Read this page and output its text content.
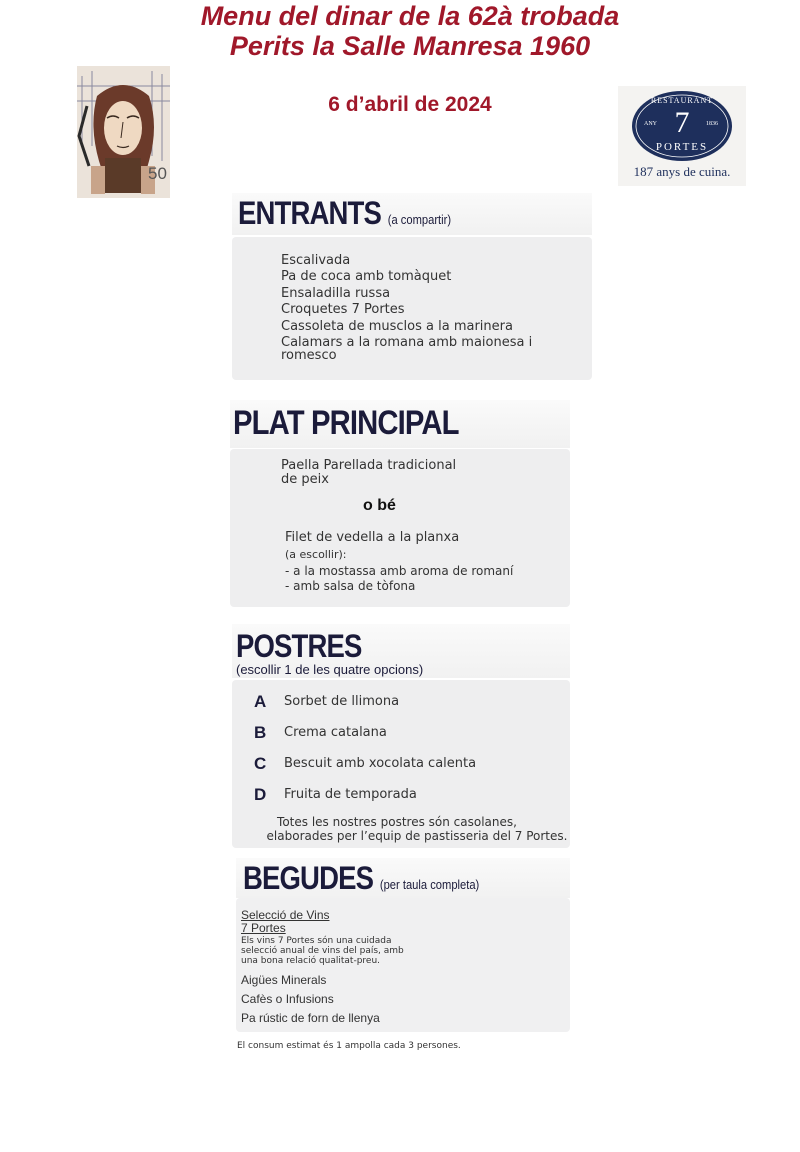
Menu del dinar de la 62à trobada
Perits la Salle Manresa 1960
6 d’abril de 2024
50
RESTAURANT
7
ANY	1836
PORTES
187 anys de cuina.
ENTRANTS (a compartir)
Escalivada
Pa de coca amb tomàquet
Ensaladilla russa
Croquetes 7 Portes
Cassoleta de musclos a la marinera
Calamars a la romana amb maionesa i
romesco
PLAT PRINCIPAL
Paella Parellada tradicional
de peix
o bé
Filet de vedella a la planxa
(a escollir):
- a la mostassa amb aroma de romaní
- amb salsa de tòfona
POSTRES
(escollir 1 de les quatre opcions)
A Sorbet de llimona
B Crema catalana
C Bescuit amb xocolata calenta
D Fruita de temporada
Totes les nostres postres són casolanes,
elaborades per l’equip de pastisseria del 7 Portes.
BEGUDES (per taula completa)
Selecció de Vins
7 Portes
Els vins 7 Portes són una cuidada
selecció anual de vins del país, amb
una bona relació qualitat-preu.
Aigües Minerals
Cafès o Infusions
Pa rústic de forn de llenya
El consum estimat és 1 ampolla cada 3 persones.
